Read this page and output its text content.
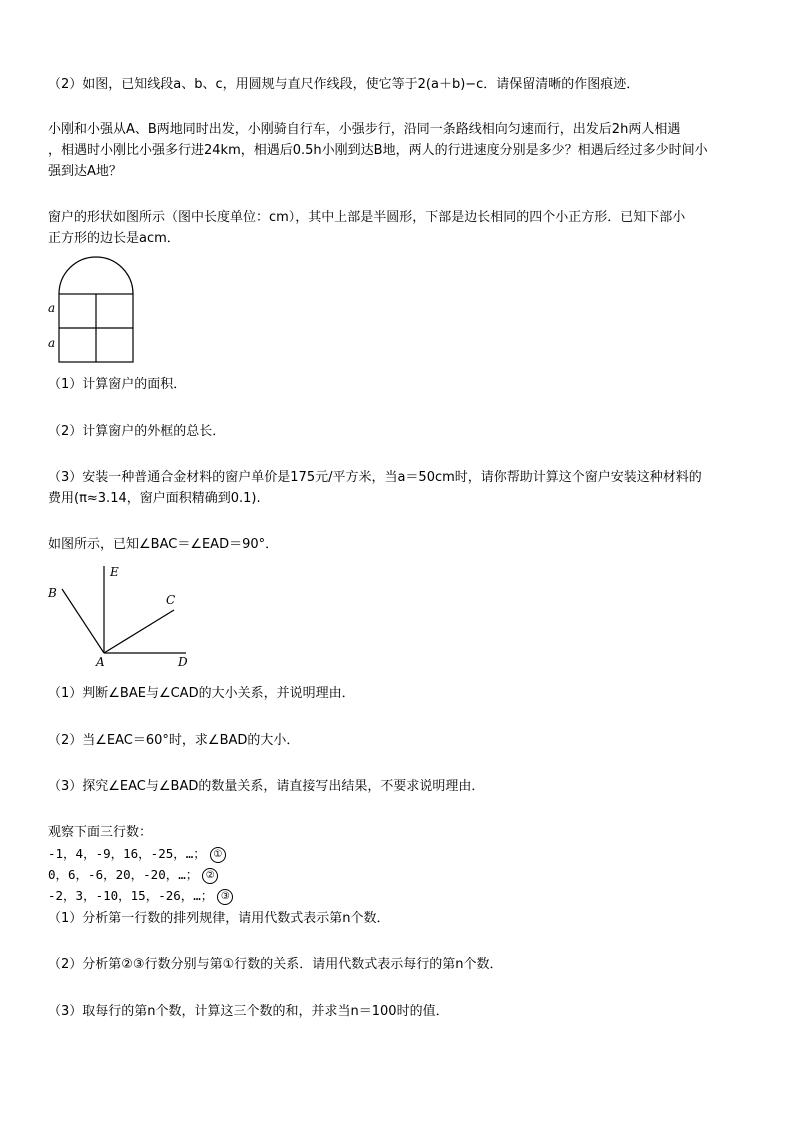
（2）如图，已知线段a、b、c，用圆规与直尺作线段，使它等于2(a＋b)−c．请保留清晰的作图痕迹．
小刚和小强从A、B两地同时出发，小刚骑自行车，小强步行，沿同一条路线相向匀速而行，出发后2h两人相遇
，相遇时小刚比小强多行进24km，相遇后0.5h小刚到达B地，两人的行进速度分别是多少？相遇后经过多少时间小
强到达A地？
窗户的形状如图所示（图中长度单位：cm），其中上部是半圆形，下部是边长相同的四个小正方形．已知下部小
正方形的边长是acm．
a
a
（1）计算窗户的面积．
（2）计算窗户的外框的总长．
（3）安装一种普通合金材料的窗户单价是175元/平方米，当a＝50cm时，请你帮助计算这个窗户安装这种材料的
费用(π≈3.14，窗户面积精确到0.1).
如图所示，已知∠BAC＝∠EAD＝90°．
B
E
C
A	D
（1）判断∠BAE与∠CAD的大小关系，并说明理由．
（2）当∠EAC＝60°时，求∠BAD的大小．
（3）探究∠EAC与∠BAD的数量关系，请直接写出结果，不要求说明理由．
观察下面三行数：
-1，4，-9，16，-25，…； ①
0，6，-6，20，-20，…； ②
-2，3，-10，15，-26，…； ③
（1）分析第一行数的排列规律，请用代数式表示第n个数．
（2）分析第②③行数分别与第①行数的关系．请用代数式表示每行的第n个数．
（3）取每行的第n个数，计算这三个数的和，并求当n＝100时的值．
